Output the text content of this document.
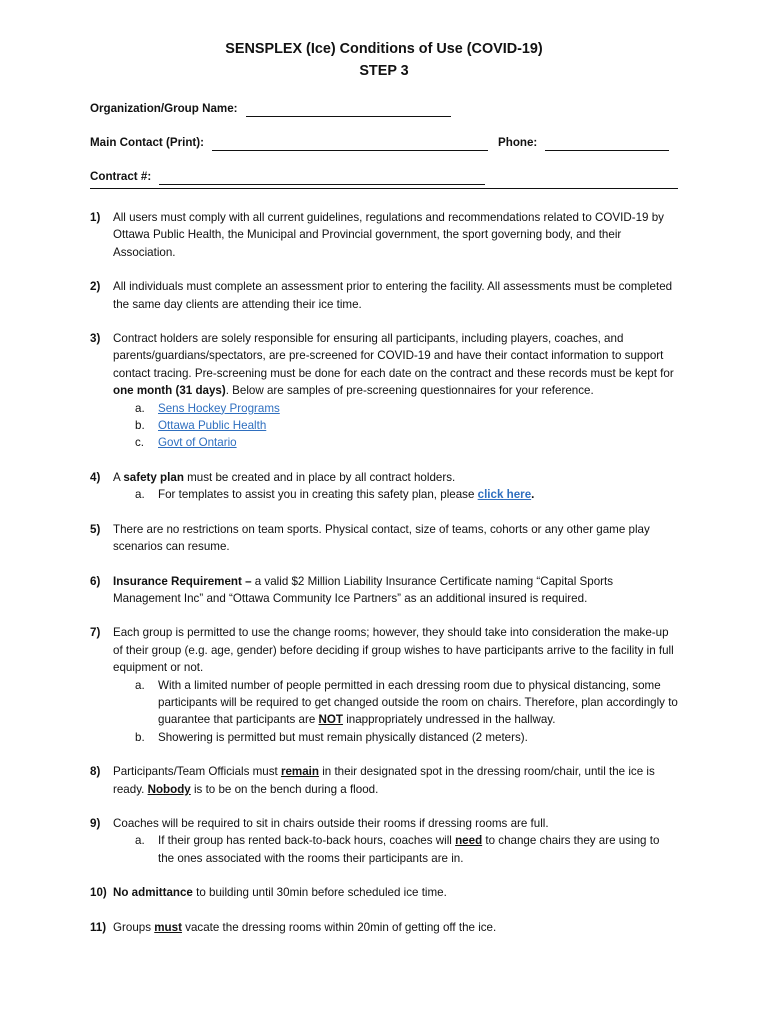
SENSPLEX (Ice) Conditions of Use (COVID-19)
STEP 3
Organization/Group Name:
Main Contact (Print):	Phone:
Contract #:
1)	All users must comply with all current guidelines, regulations and recommendations related to COVID-19 by Ottawa Public Health, the Municipal and Provincial government, the sport governing body, and their Association.
2)	All individuals must complete an assessment prior to entering the facility. All assessments must be completed the same day clients are attending their ice time.
3)	Contract holders are solely responsible for ensuring all participants, including players, coaches, and parents/guardians/spectators, are pre-screened for COVID-19 and have their contact information to support contact tracing. Pre-screening must be done for each date on the contract and these records must be kept for one month (31 days). Below are samples of pre-screening questionnaires for your reference.
a.	Sens Hockey Programs
b.	Ottawa Public Health
c.	Govt of Ontario
4)	A safety plan must be created and in place by all contract holders.
a.	For templates to assist you in creating this safety plan, please click here.
5)	There are no restrictions on team sports. Physical contact, size of teams, cohorts or any other game play scenarios can resume.
6)	Insurance Requirement – a valid $2 Million Liability Insurance Certificate naming “Capital Sports Management Inc” and “Ottawa Community Ice Partners” as an additional insured is required.
7)	Each group is permitted to use the change rooms; however, they should take into consideration the make-up of their group (e.g. age, gender) before deciding if group wishes to have participants arrive to the facility in full equipment or not.
a.	With a limited number of people permitted in each dressing room due to physical distancing, some participants will be required to get changed outside the room on chairs. Therefore, plan accordingly to guarantee that participants are NOT inappropriately undressed in the hallway.
b.	Showering is permitted but must remain physically distanced (2 meters).
8)	Participants/Team Officials must remain in their designated spot in the dressing room/chair, until the ice is ready. Nobody is to be on the bench during a flood.
9)	Coaches will be required to sit in chairs outside their rooms if dressing rooms are full.
a.	If their group has rented back-to-back hours, coaches will need to change chairs they are using to the ones associated with the rooms their participants are in.
10) No admittance to building until 30min before scheduled ice time.
11) Groups must vacate the dressing rooms within 20min of getting off the ice.
